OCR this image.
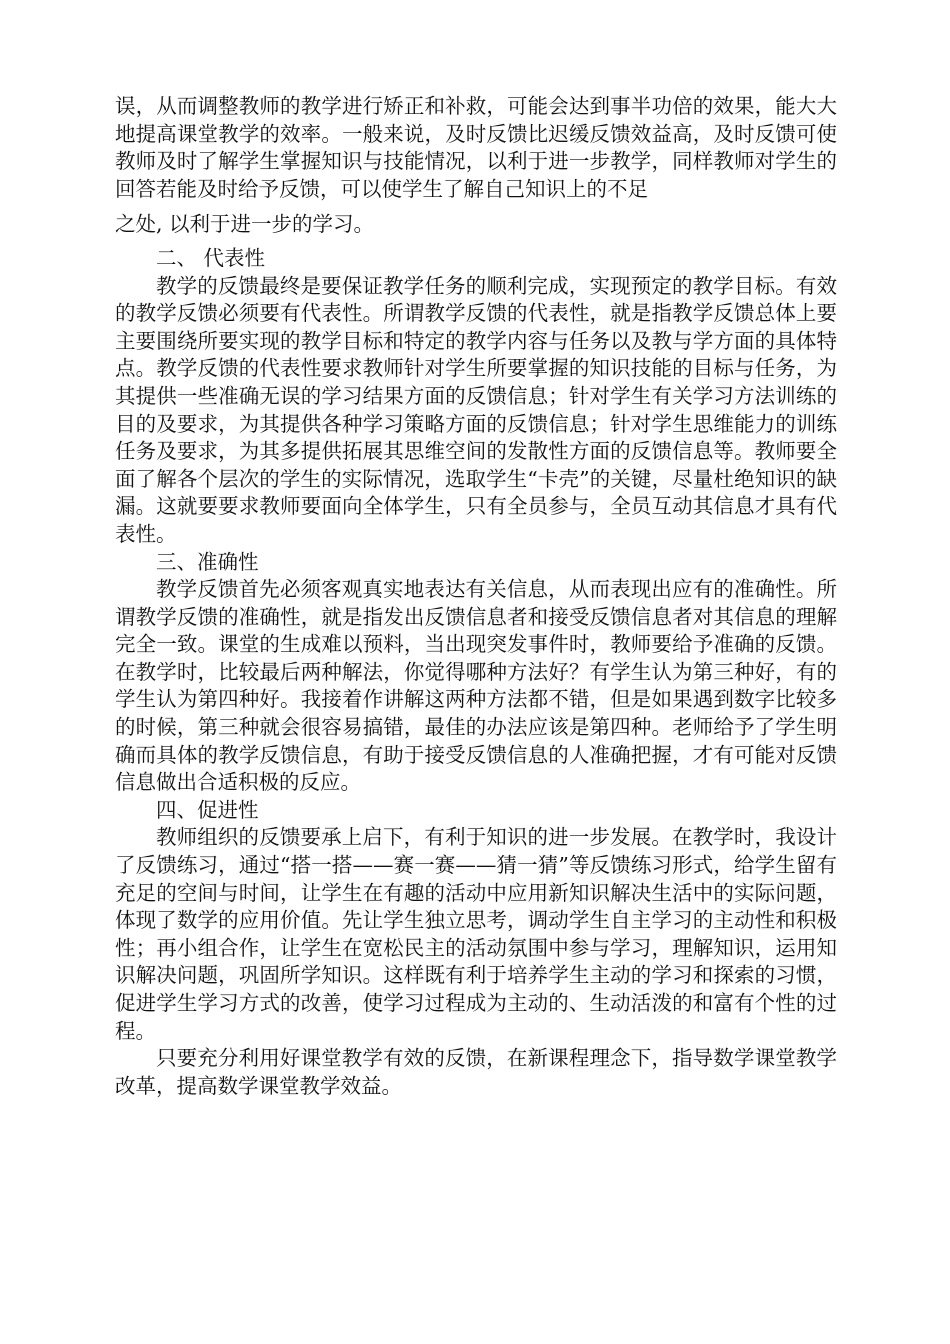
误，从而调整教师的教学进行矫正和补救，可能会达到事半功倍的效果，能大大地提高课堂教学的效率。一般来说，及时反馈比迟缓反馈效益高，及时反馈可使教师及时了解学生掌握知识与技能情况，以利于进一步教学，同样教师对学生的回答若能及时给予反馈，可以使学生了解自己知识上的不足
之处, 以利于进一步的学习。

二、 代表性

教学的反馈最终是要保证教学任务的顺利完成，实现预定的教学目标。有效的教学反馈必须要有代表性。所谓教学反馈的代表性，就是指教学反馈总体上要主要围绕所要实现的教学目标和特定的教学内容与任务以及教与学方面的具体特点。教学反馈的代表性要求教师针对学生所要掌握的知识技能的目标与任务，为其提供一些准确无误的学习结果方面的反馈信息；针对学生有关学习方法训练的目的及要求，为其提供各种学习策略方面的反馈信息；针对学生思维能力的训练任务及要求，为其多提供拓展其思维空间的发散性方面的反馈信息等。教师要全面了解各个层次的学生的实际情况，选取学生“卡壳”的关键，尽量杜绝知识的缺漏。这就要要求教师要面向全体学生，只有全员参与，全员互动其信息才具有代表性。

三、准确性

教学反馈首先必须客观真实地表达有关信息，从而表现出应有的准确性。所谓教学反馈的准确性，就是指发出反馈信息者和接受反馈信息者对其信息的理解完全一致。课堂的生成难以预料，当出现突发事件时，教师要给予准确的反馈。在教学时，比较最后两种解法，你觉得哪种方法好？有学生认为第三种好，有的学生认为第四种好。我接着作讲解这两种方法都不错，但是如果遇到数字比较多的时候，第三种就会很容易搞错，最佳的办法应该是第四种。老师给予了学生明确而具体的教学反馈信息，有助于接受反馈信息的人准确把握，才有可能对反馈信息做出合适积极的反应。

四、促进性

教师组织的反馈要承上启下，有利于知识的进一步发展。在教学时，我设计了反馈练习，通过“搭一搭——赛一赛——猜一猜”等反馈练习形式，给学生留有充足的空间与时间，让学生在有趣的活动中应用新知识解决生活中的实际问题，体现了数学的应用价值。先让学生独立思考，调动学生自主学习的主动性和积极性；再小组合作，让学生在宽松民主的活动氛围中参与学习，理解知识，运用知识解决问题，巩固所学知识。这样既有利于培养学生主动的学习和探索的习惯，促进学生学习方式的改善，使学习过程成为主动的、生动活泼的和富有个性的过程。

只要充分利用好课堂教学有效的反馈，在新课程理念下，指导数学课堂教学改革，提高数学课堂教学效益。
